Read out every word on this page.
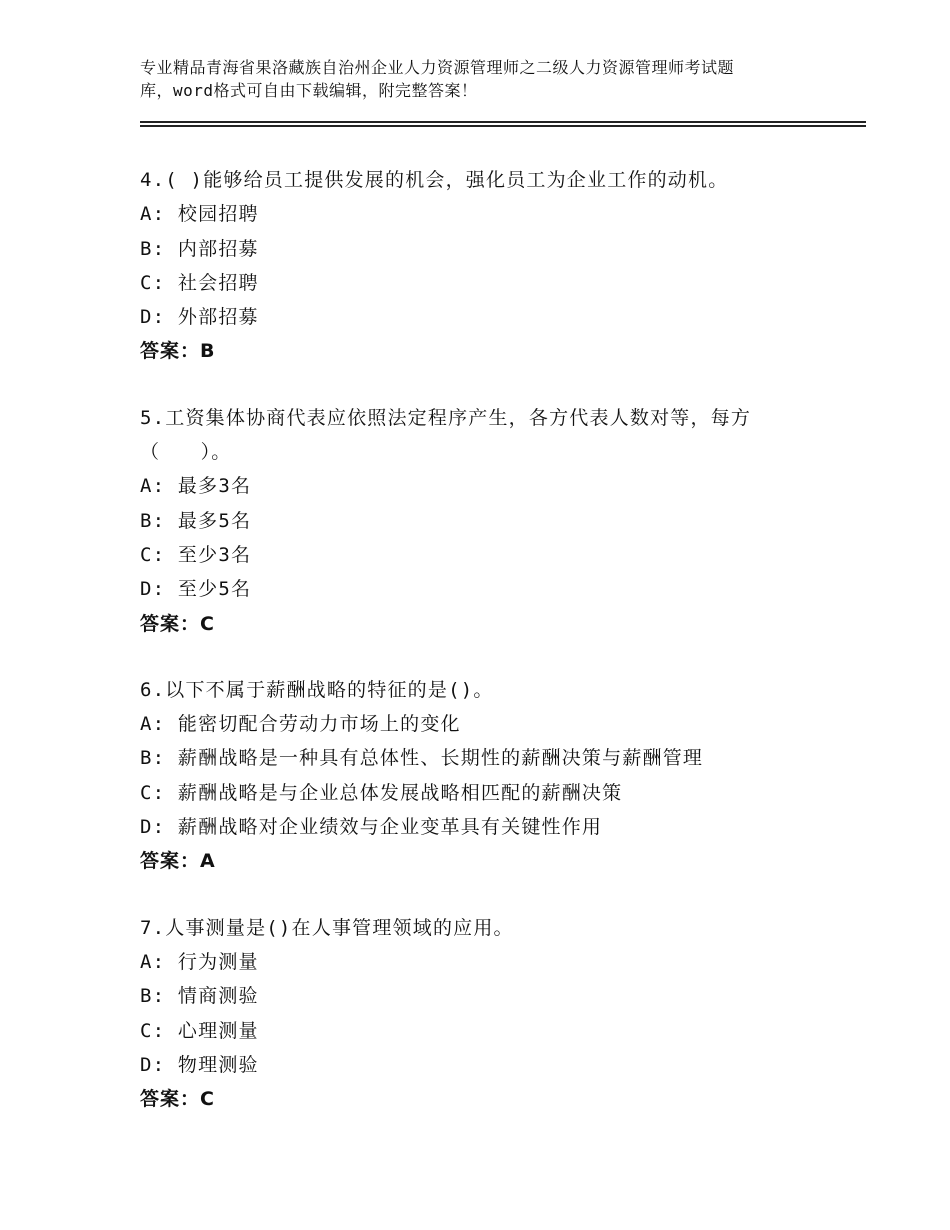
专业精品青海省果洛藏族自治州企业人力资源管理师之二级人力资源管理师考试题
库，word格式可自由下载编辑，附完整答案！
4.( )能够给员工提供发展的机会，强化员工为企业工作的动机。
A: 校园招聘
B: 内部招募
C: 社会招聘
D: 外部招募
答案：B
5.工资集体协商代表应依照法定程序产生，各方代表人数对等，每方
（　　）。
A: 最多3名
B: 最多5名
C: 至少3名
D: 至少5名
答案：C
6.以下不属于薪酬战略的特征的是()。
A: 能密切配合劳动力市场上的变化
B: 薪酬战略是一种具有总体性、长期性的薪酬决策与薪酬管理
C: 薪酬战略是与企业总体发展战略相匹配的薪酬决策
D: 薪酬战略对企业绩效与企业变革具有关键性作用
答案：A
7.人事测量是()在人事管理领域的应用。
A: 行为测量
B: 情商测验
C: 心理测量
D: 物理测验
答案：C
